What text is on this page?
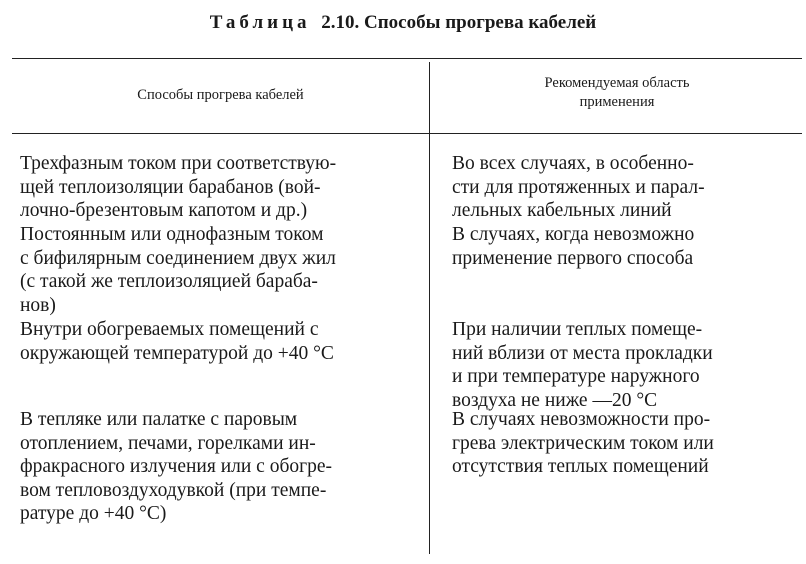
Таблица 2.10. Способы прогрева кабелей
Способы прогрева кабелей
Рекомендуемая область
применения
Трехфазным током при соответствую-
щей теплоизоляции барабанов (вой-
лочно-брезентовым капотом и др.)
Во всех случаях, в особенно-
сти для протяженных и парал-
лельных кабельных линий
Постоянным или однофазным током
с бифилярным соединением двух жил
(с такой же теплоизоляцией бараба-
нов)
В случаях, когда невозможно
применение первого способа
Внутри обогреваемых помещений с
окружающей температурой до +40 °С
При наличии теплых помеще-
ний вблизи от места прокладки
и при температуре наружного
воздуха не ниже —20 °С
В тепляке или палатке с паровым
отоплением, печами, горелками ин-
фракрасного излучения или с обогре-
вом тепловоздуходувкой (при темпе-
ратуре до +40 °С)
В случаях невозможности про-
грева электрическим током или
отсутствия теплых помещений
